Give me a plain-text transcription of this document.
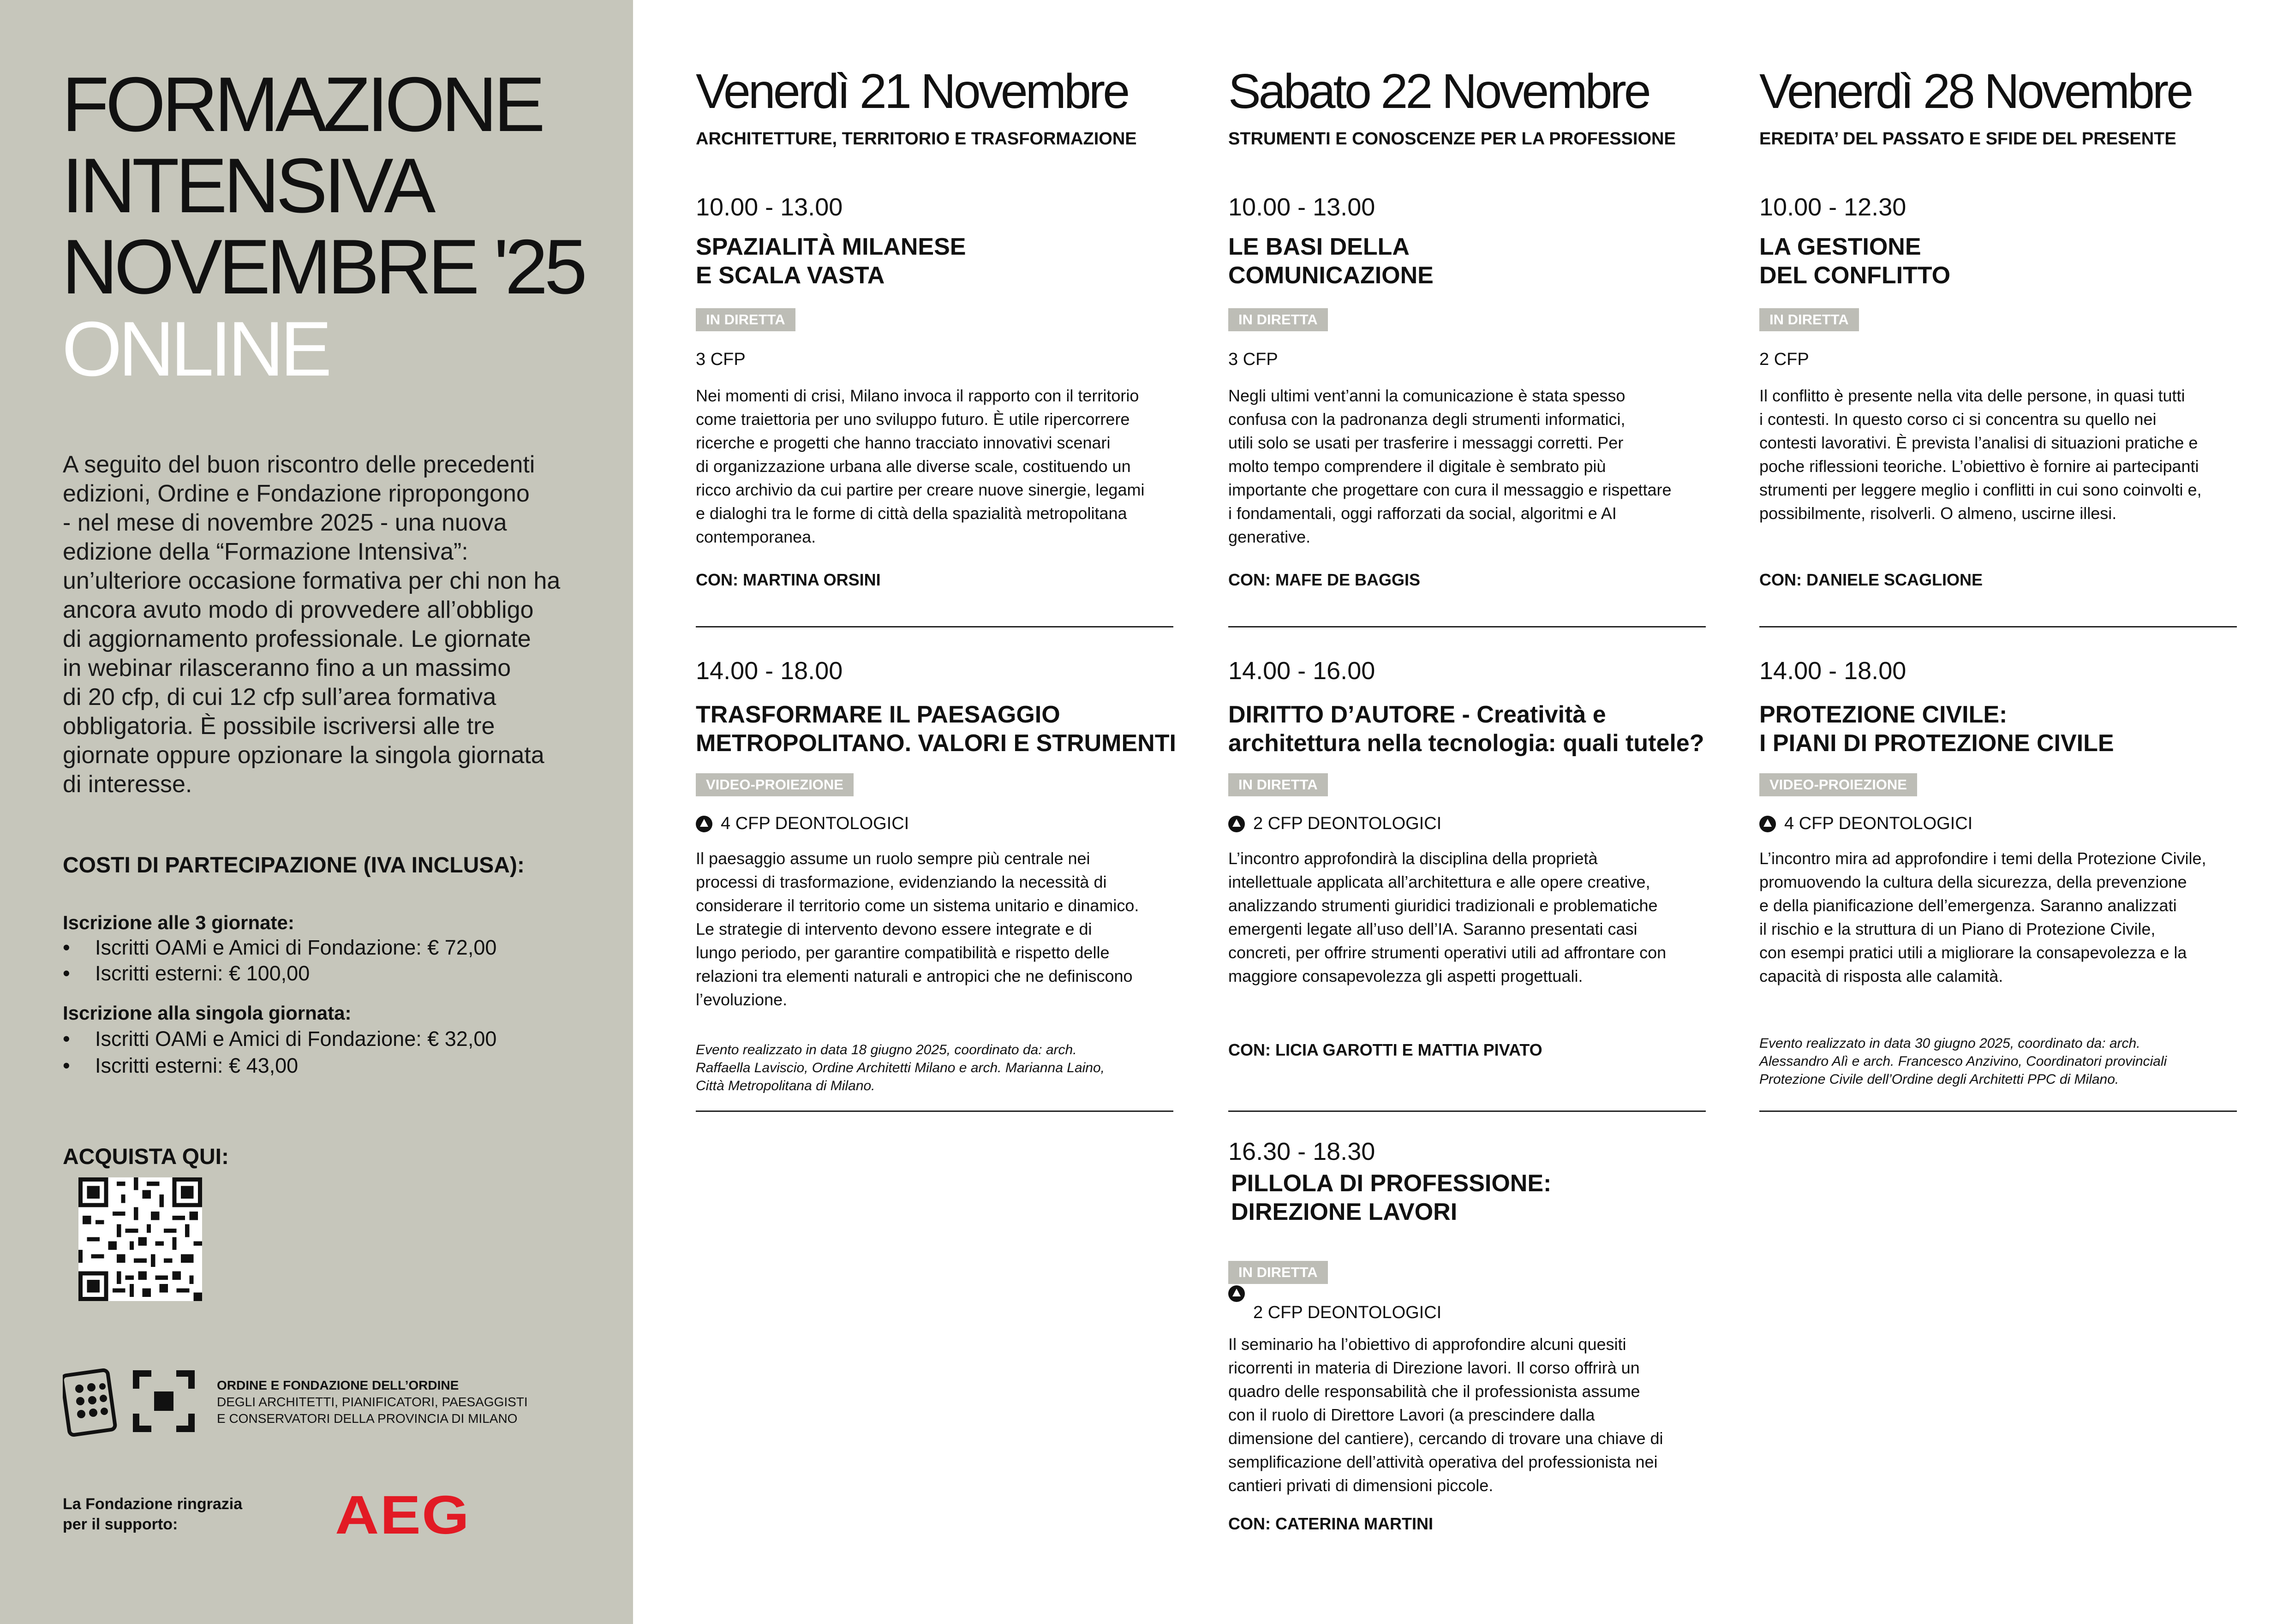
FORMAZIONE
INTENSIVA
NOVEMBRE '25
ONLINE
A seguito del buon riscontro delle precedenti
edizioni, Ordine e Fondazione ripropongono
- nel mese di novembre 2025 - una nuova
edizione della “Formazione Intensiva”:
un’ulteriore occasione formativa per chi non ha
ancora avuto modo di provvedere all’obbligo
di aggiornamento professionale. Le giornate
in webinar rilasceranno fino a un massimo
di 20 cfp, di cui 12 cfp sull’area formativa
obbligatoria. È possibile iscriversi alle tre
giornate oppure opzionare la singola giornata
di interesse.
COSTI DI PARTECIPAZIONE (IVA INCLUSA):
Iscrizione alle 3 giornate:
• Iscritti OAMi e Amici di Fondazione: € 72,00
• Iscritti esterni: € 100,00
Iscrizione alla singola giornata:
• Iscritti OAMi e Amici di Fondazione: € 32,00
• Iscritti esterni: € 43,00
ACQUISTA QUI:
ORDINE E FONDAZIONE DELL’ORDINE
DEGLI ARCHITETTI, PIANIFICATORI, PAESAGGISTI
E CONSERVATORI DELLA PROVINCIA DI MILANO
La Fondazione ringrazia
per il supporto:	AEG
Venerdì 21 Novembre
ARCHITETTURE, TERRITORIO E TRASFORMAZIONE
10.00 - 13.00
SPAZIALITÀ MILANESE
E SCALA VASTA
IN DIRETTA
3 CFP
Nei momenti di crisi, Milano invoca il rapporto con il territorio
come traiettoria per uno sviluppo futuro. È utile ripercorrere
ricerche e progetti che hanno tracciato innovativi scenari
di organizzazione urbana alle diverse scale, costituendo un
ricco archivio da cui partire per creare nuove sinergie, legami
e dialoghi tra le forme di città della spazialità metropolitana
contemporanea.
CON: MARTINA ORSINI
14.00 - 18.00
TRASFORMARE IL PAESAGGIO
METROPOLITANO. VALORI E STRUMENTI
VIDEO-PROIEZIONE
4 CFP DEONTOLOGICI
Il paesaggio assume un ruolo sempre più centrale nei
processi di trasformazione, evidenziando la necessità di
considerare il territorio come un sistema unitario e dinamico.
Le strategie di intervento devono essere integrate e di
lungo periodo, per garantire compatibilità e rispetto delle
relazioni tra elementi naturali e antropici che ne definiscono
l’evoluzione.
Evento realizzato in data 18 giugno 2025, coordinato da: arch.
Raffaella Laviscio, Ordine Architetti Milano e arch. Marianna Laino,
Città Metropolitana di Milano.
Sabato 22 Novembre
STRUMENTI E CONOSCENZE PER LA PROFESSIONE
10.00 - 13.00
LE BASI DELLA
COMUNICAZIONE
IN DIRETTA
3 CFP
Negli ultimi vent’anni la comunicazione è stata spesso
confusa con la padronanza degli strumenti informatici,
utili solo se usati per trasferire i messaggi corretti. Per
molto tempo comprendere il digitale è sembrato più
importante che progettare con cura il messaggio e rispettare
i fondamentali, oggi rafforzati da social, algoritmi e AI
generative.
CON: MAFE DE BAGGIS
14.00 - 16.00
DIRITTO D’AUTORE - Creatività e
architettura nella tecnologia: quali tutele?
IN DIRETTA
2 CFP DEONTOLOGICI
L’incontro approfondirà la disciplina della proprietà
intellettuale applicata all’architettura e alle opere creative,
analizzando strumenti giuridici tradizionali e problematiche
emergenti legate all’uso dell’IA. Saranno presentati casi
concreti, per offrire strumenti operativi utili ad affrontare con
maggiore consapevolezza gli aspetti progettuali.
CON: LICIA GAROTTI E MATTIA PIVATO
16.30 - 18.30
PILLOLA DI PROFESSIONE:
DIREZIONE LAVORI
IN DIRETTA
2 CFP DEONTOLOGICI
Il seminario ha l’obiettivo di approfondire alcuni quesiti
ricorrenti in materia di Direzione lavori. Il corso offrirà un
quadro delle responsabilità che il professionista assume
con il ruolo di Direttore Lavori (a prescindere dalla
dimensione del cantiere), cercando di trovare una chiave di
semplificazione dell’attività operativa del professionista nei
cantieri privati di dimensioni piccole.
CON: CATERINA MARTINI
Venerdì 28 Novembre
EREDITA’ DEL PASSATO E SFIDE DEL PRESENTE
10.00 - 12.30
LA GESTIONE
DEL CONFLITTO
IN DIRETTA
2 CFP
Il conflitto è presente nella vita delle persone, in quasi tutti
i contesti. In questo corso ci si concentra su quello nei
contesti lavorativi. È prevista l’analisi di situazioni pratiche e
poche riflessioni teoriche. L’obiettivo è fornire ai partecipanti
strumenti per leggere meglio i conflitti in cui sono coinvolti e,
possibilmente, risolverli. O almeno, uscirne illesi.
CON: DANIELE SCAGLIONE
14.00 - 18.00
PROTEZIONE CIVILE:
I PIANI DI PROTEZIONE CIVILE
VIDEO-PROIEZIONE
4 CFP DEONTOLOGICI
L’incontro mira ad approfondire i temi della Protezione Civile,
promuovendo la cultura della sicurezza, della prevenzione
e della pianificazione dell’emergenza. Saranno analizzati
il rischio e la struttura di un Piano di Protezione Civile,
con esempi pratici utili a migliorare la consapevolezza e la
capacità di risposta alle calamità.
Evento realizzato in data 30 giugno 2025, coordinato da: arch.
Alessandro Alì e arch. Francesco Anzivino, Coordinatori provinciali
Protezione Civile dell’Ordine degli Architetti PPC di Milano.
